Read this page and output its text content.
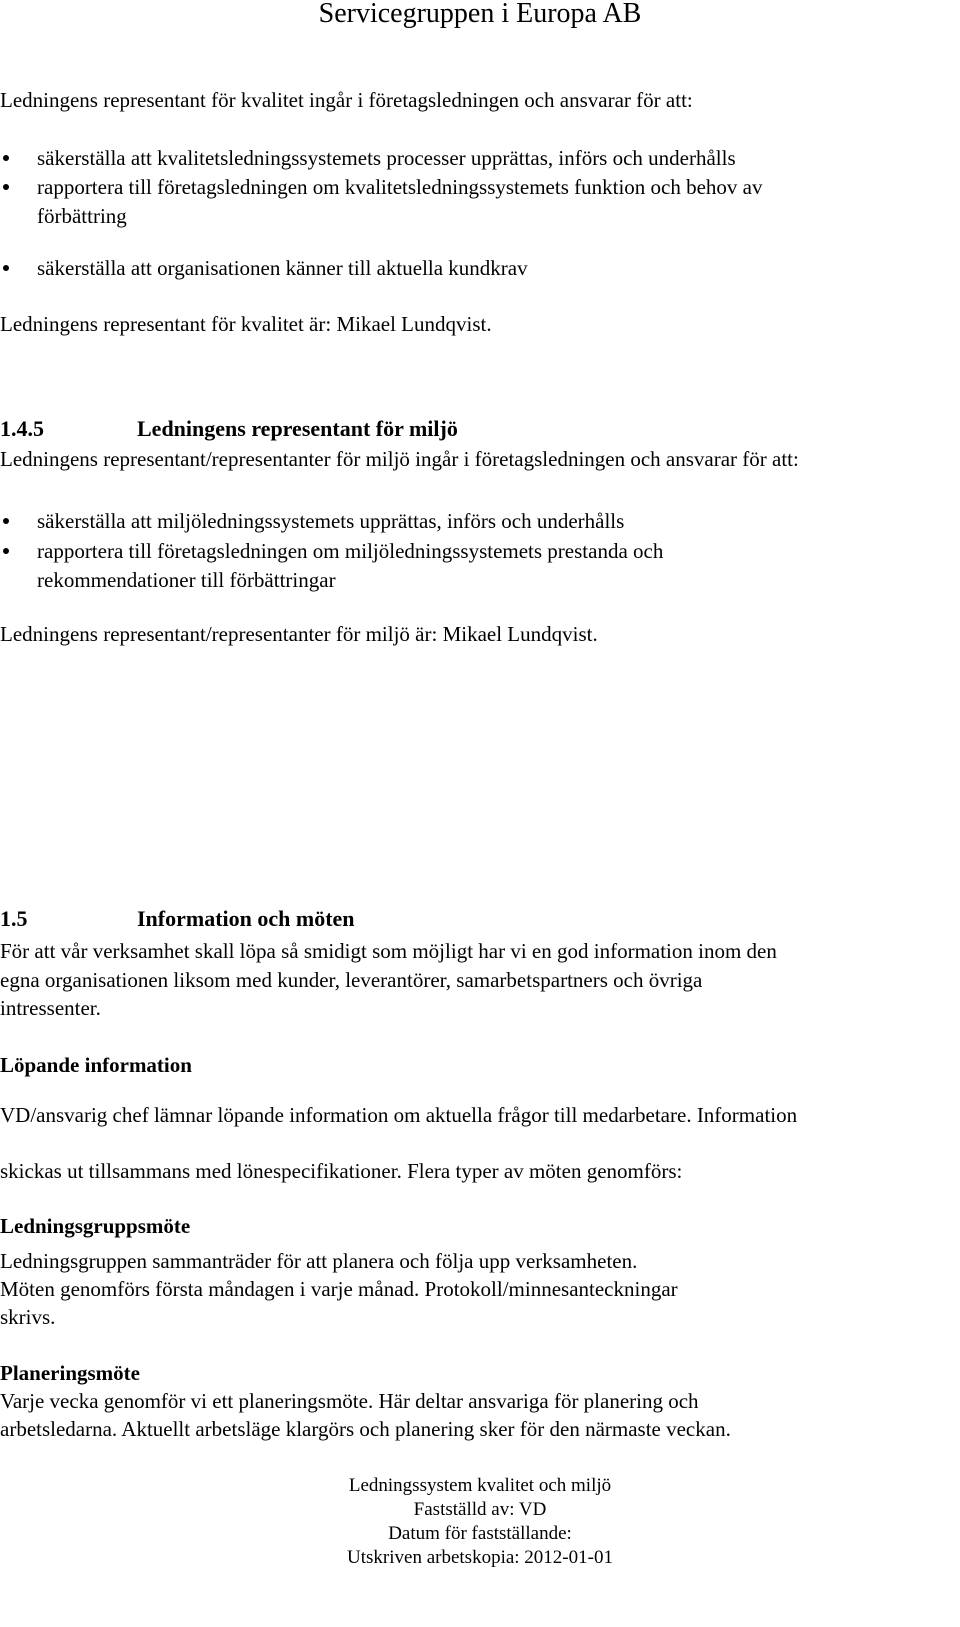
Servicegruppen i Europa AB
Ledningens representant för kvalitet ingår i företagsledningen och ansvarar för att:
säkerställa att kvalitetsledningssystemets processer upprättas, införs och underhålls
rapportera till företagsledningen om kvalitetsledningssystemets funktion och behov av
förbättring
säkerställa att organisationen känner till aktuella kundkrav
Ledningens representant för kvalitet är: Mikael Lundqvist.
1.4.5	Ledningens representant för miljö
Ledningens representant/representanter för miljö ingår i företagsledningen och ansvarar för att:
säkerställa att miljöledningssystemets upprättas, införs och underhålls
rapportera till företagsledningen om miljöledningssystemets prestanda och
rekommendationer till förbättringar
Ledningens representant/representanter för miljö är: Mikael Lundqvist.
1.5	Information och möten
För att vår verksamhet skall löpa så smidigt som möjligt har vi en god information inom den
egna organisationen liksom med kunder, leverantörer, samarbetspartners och övriga
intressenter.
Löpande information
VD/ansvarig chef lämnar löpande information om aktuella frågor till medarbetare. Information
skickas ut tillsammans med lönespecifikationer. Flera typer av möten genomförs:
Ledningsgruppsmöte
Ledningsgruppen sammanträder för att planera och följa upp verksamheten.
Möten genomförs första måndagen i varje månad. Protokoll/minnesanteckningar
skrivs.
Planeringsmöte
Varje vecka genomför vi ett planeringsmöte. Här deltar ansvariga för planering och
arbetsledarna. Aktuellt arbetsläge klargörs och planering sker för den närmaste veckan.
Ledningssystem kvalitet och miljö
Fastställd av: VD
Datum för fastställande:
Utskriven arbetskopia: 2012-01-01
